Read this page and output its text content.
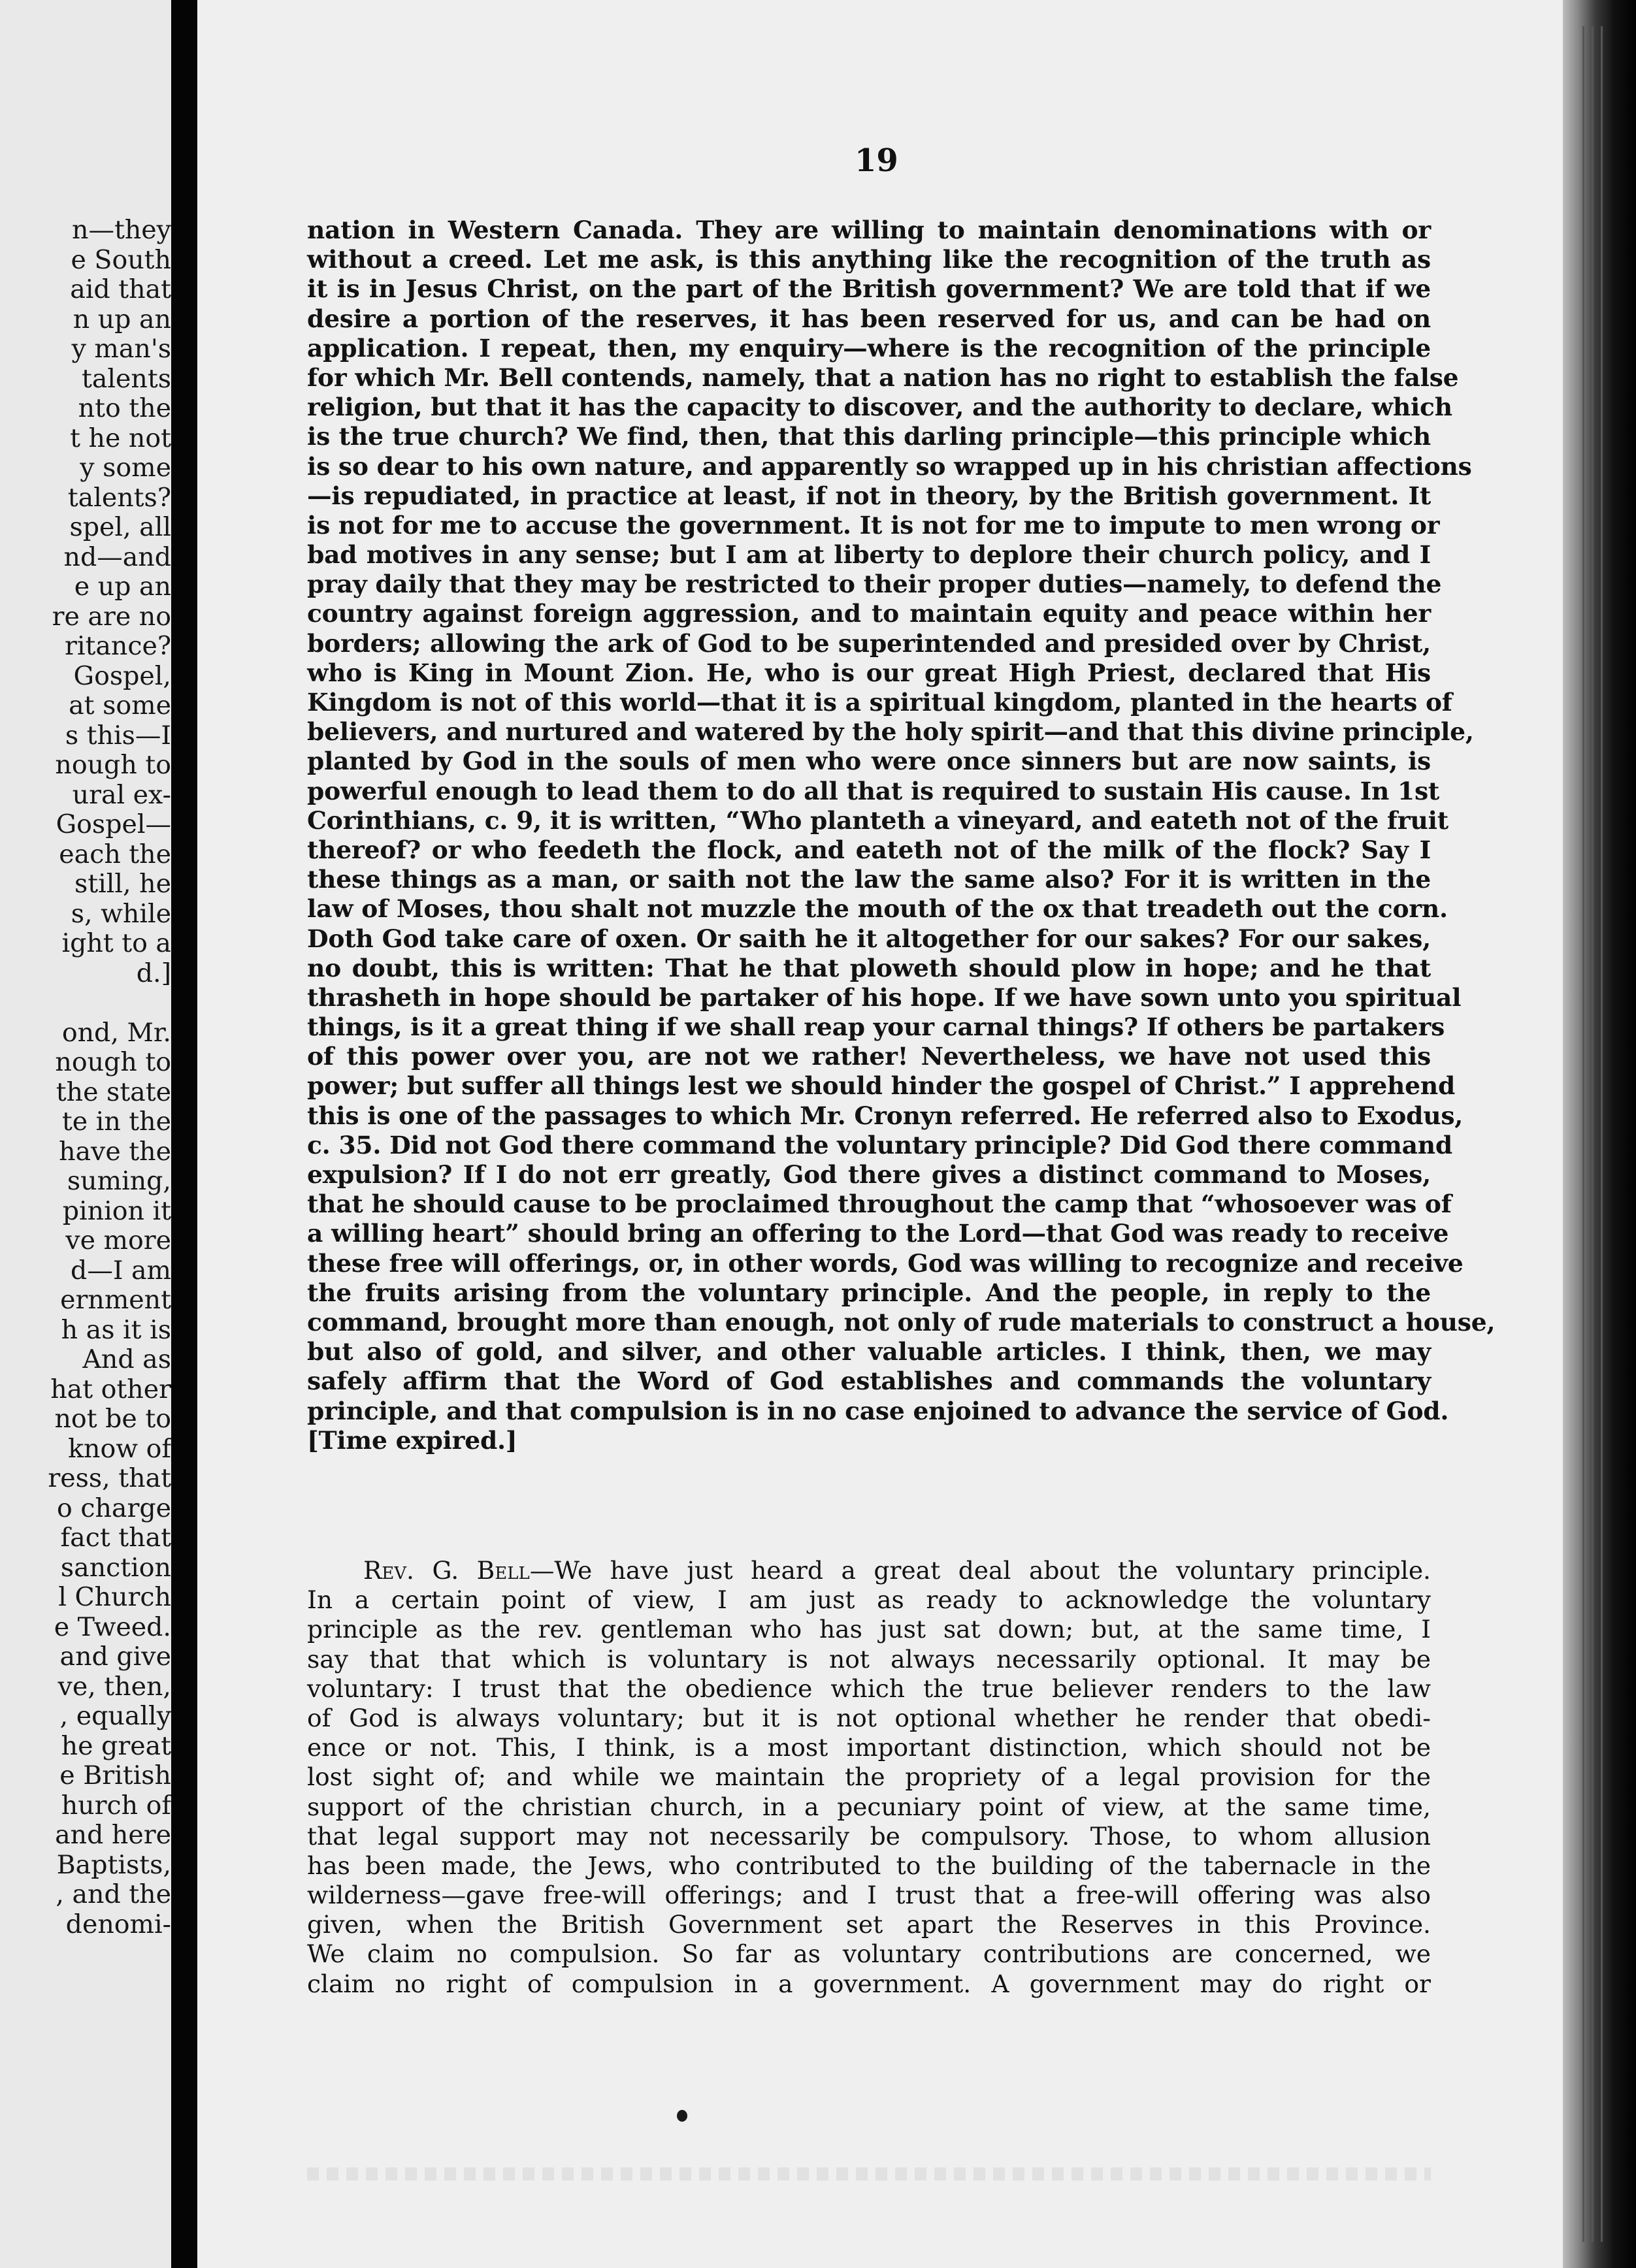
n—they
e South
aid that
n up an
y man's
talents
nto the
t he not
y some
talents?
spel, all
nd—and
e up an
re are no
ritance?
Gospel,
at some
s this—I
nough to
ural ex-
Gospel—
each the
still, he
s, while
ight to a
d.]
ond, Mr.
nough to
the state
te in the
have the
suming,
pinion it
ve more
d—I am
ernment
h as it is
And as
hat other
not be to
know of
ress, that
o charge
fact that
sanction
l Church
e Tweed.
and give
ve, then,
, equally
he great
e British
hurch of
and here
Baptists,
, and the
denomi-
19
nation in Western Canada. They are willing to maintain denominations with or
without a creed. Let me ask, is this anything like the recognition of the truth as
it is in Jesus Christ, on the part of the British government? We are told that if we
desire a portion of the reserves, it has been reserved for us, and can be had on
application. I repeat, then, my enquiry—where is the recognition of the principle
for which Mr. Bell contends, namely, that a nation has no right to establish the false
religion, but that it has the capacity to discover, and the authority to declare, which
is the true church? We find, then, that this darling principle—this principle which
is so dear to his own nature, and apparently so wrapped up in his christian affections
—is repudiated, in practice at least, if not in theory, by the British government. It
is not for me to accuse the government. It is not for me to impute to men wrong or
bad motives in any sense; but I am at liberty to deplore their church policy, and I
pray daily that they may be restricted to their proper duties—namely, to defend the
country against foreign aggression, and to maintain equity and peace within her
borders; allowing the ark of God to be superintended and presided over by Christ,
who is King in Mount Zion. He, who is our great High Priest, declared that His
Kingdom is not of this world—that it is a spiritual kingdom, planted in the hearts of
believers, and nurtured and watered by the holy spirit—and that this divine principle,
planted by God in the souls of men who were once sinners but are now saints, is
powerful enough to lead them to do all that is required to sustain His cause. In 1st
Corinthians, c. 9, it is written, “Who planteth a vineyard, and eateth not of the fruit
thereof? or who feedeth the flock, and eateth not of the milk of the flock? Say I
these things as a man, or saith not the law the same also? For it is written in the
law of Moses, thou shalt not muzzle the mouth of the ox that treadeth out the corn.
Doth God take care of oxen. Or saith he it altogether for our sakes? For our sakes,
no doubt, this is written: That he that ploweth should plow in hope; and he that
thrasheth in hope should be partaker of his hope. If we have sown unto you spiritual
things, is it a great thing if we shall reap your carnal things? If others be partakers
of this power over you, are not we rather! Nevertheless, we have not used this
power; but suffer all things lest we should hinder the gospel of Christ.” I apprehend
this is one of the passages to which Mr. Cronyn referred. He referred also to Exodus,
c. 35. Did not God there command the voluntary principle? Did God there command
expulsion? If I do not err greatly, God there gives a distinct command to Moses,
that he should cause to be proclaimed throughout the camp that “whosoever was of
a willing heart” should bring an offering to the Lord—that God was ready to receive
these free will offerings, or, in other words, God was willing to recognize and receive
the fruits arising from the voluntary principle. And the people, in reply to the
command, brought more than enough, not only of rude materials to construct a house,
but also of gold, and silver, and other valuable articles. I think, then, we may
safely affirm that the Word of God establishes and commands the voluntary
principle, and that compulsion is in no case enjoined to advance the service of God.
[Time expired.]
Rev. G. Bell—We have just heard a great deal about the voluntary principle.
In a certain point of view, I am just as ready to acknowledge the voluntary
principle as the rev. gentleman who has just sat down; but, at the same time, I
say that that which is voluntary is not always necessarily optional. It may be
voluntary: I trust that the obedience which the true believer renders to the law
of God is always voluntary; but it is not optional whether he render that obedi-
ence or not. This, I think, is a most important distinction, which should not be
lost sight of; and while we maintain the propriety of a legal provision for the
support of the christian church, in a pecuniary point of view, at the same time,
that legal support may not necessarily be compulsory. Those, to whom allusion
has been made, the Jews, who contributed to the building of the tabernacle in the
wilderness—gave free-will offerings; and I trust that a free-will offering was also
given, when the British Government set apart the Reserves in this Province.
We claim no compulsion. So far as voluntary contributions are concerned, we
claim no right of compulsion in a government. A government may do right or
